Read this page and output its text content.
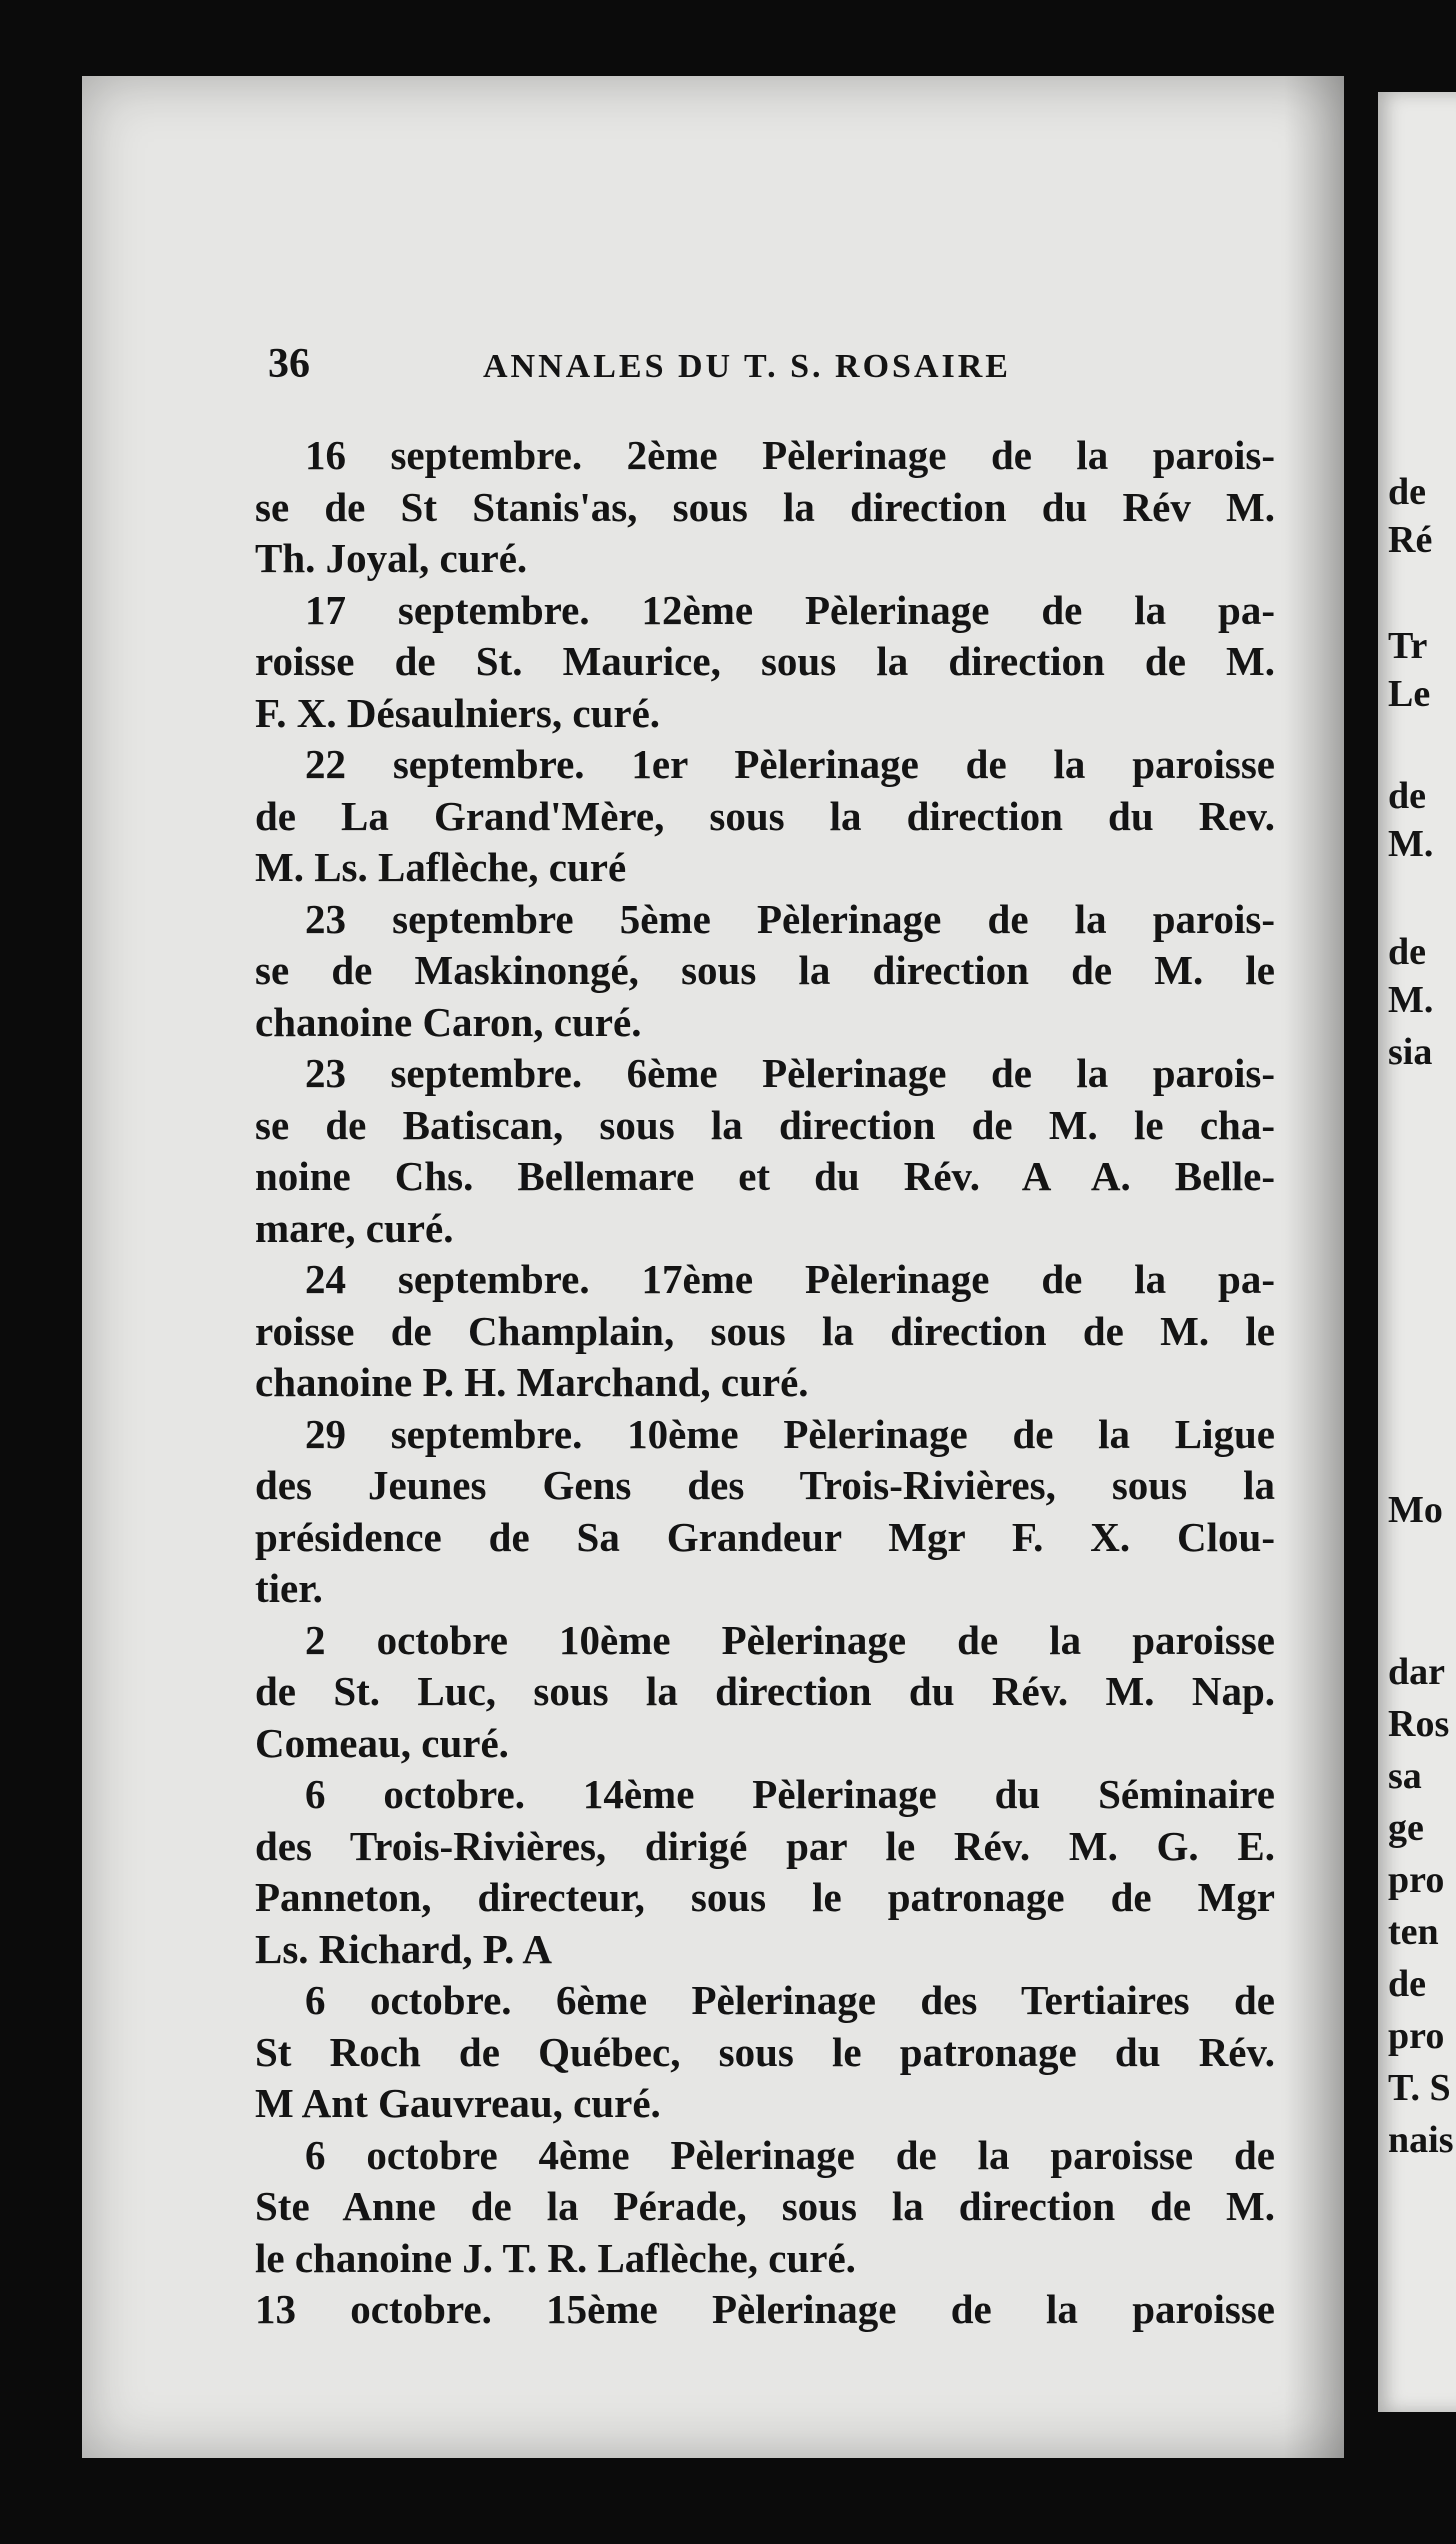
de
Ré
Tr
Le
de
M.
de
M.
sia
Mo
dar
Ros
sa
ge
pro
ten
de
pro
T. S
nais
36	ANNALES DU T. S. ROSAIRE
16 septembre. 2ème Pèlerinage de la parois-
se de St Stanis'as, sous la direction du Rév M.
Th. Joyal, curé.
17 septembre. 12ème Pèlerinage de la pa-
roisse de St. Maurice, sous la direction de M.
F. X. Désaulniers, curé.
22 septembre. 1er Pèlerinage de la paroisse
de La Grand'Mère, sous la direction du Rev.
M. Ls. Laflèche, curé
23 septembre 5ème Pèlerinage de la parois-
se de Maskinongé, sous la direction de M. le
chanoine Caron, curé.
23 septembre. 6ème Pèlerinage de la parois-
se de Batiscan, sous la direction de M. le cha-
noine Chs. Bellemare et du Rév. A A. Belle-
mare, curé.
24 septembre. 17ème Pèlerinage de la pa-
roisse de Champlain, sous la direction de M. le
chanoine P. H. Marchand, curé.
29 septembre. 10ème Pèlerinage de la Ligue
des Jeunes Gens des Trois-Rivières, sous la
présidence de Sa Grandeur Mgr F. X. Clou-
tier.
2 octobre 10ème Pèlerinage de la paroisse
de St. Luc, sous la direction du Rév. M. Nap.
Comeau, curé.
6 octobre. 14ème Pèlerinage du Séminaire
des Trois-Rivières, dirigé par le Rév. M. G. E.
Panneton, directeur, sous le patronage de Mgr
Ls. Richard, P. A
6 octobre. 6ème Pèlerinage des Tertiaires de
St Roch de Québec, sous le patronage du Rév.
M Ant Gauvreau, curé.
6 octobre 4ème Pèlerinage de la paroisse de
Ste Anne de la Pérade, sous la direction de M.
le chanoine J. T. R. Laflèche, curé.
13 octobre. 15ème Pèlerinage de la paroisse
